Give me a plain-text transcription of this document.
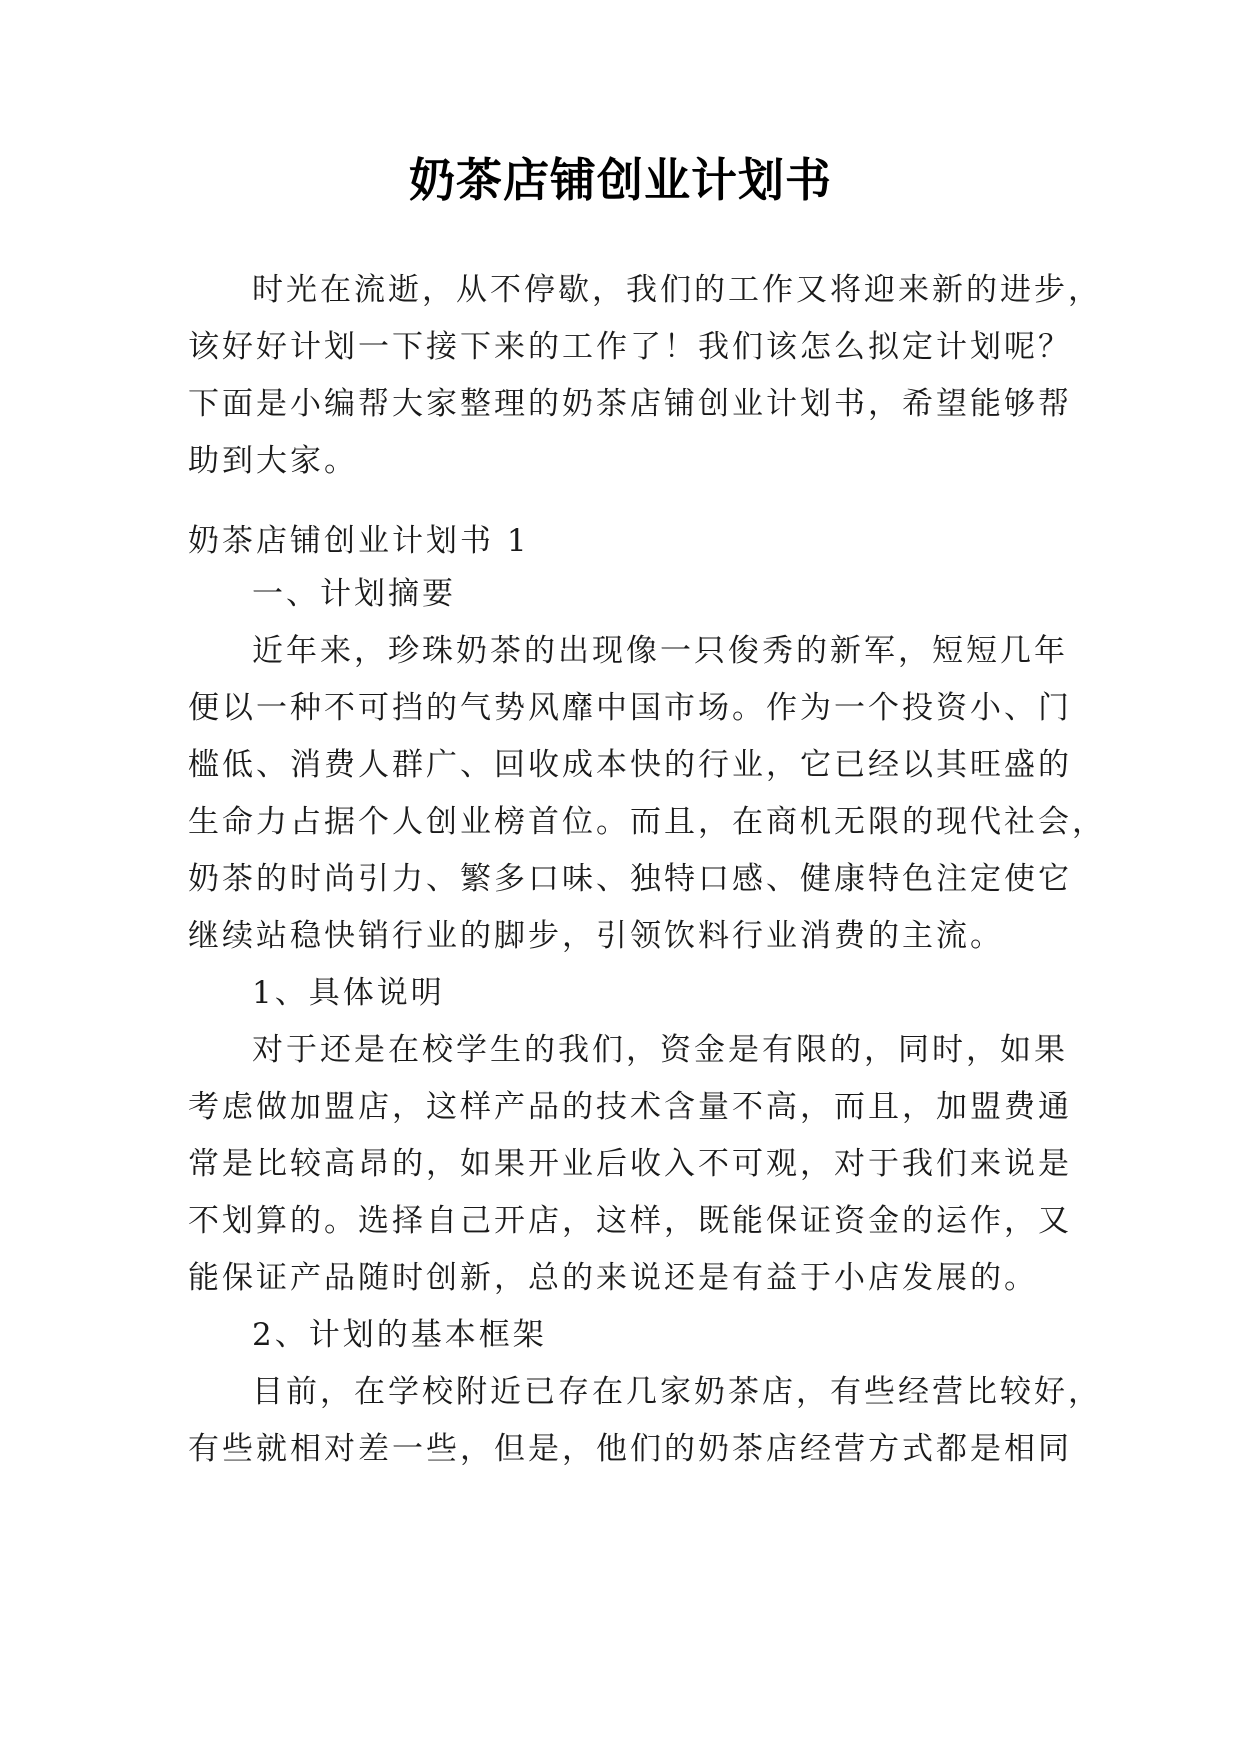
奶茶店铺创业计划书
时光在流逝，从不停歇，我们的工作又将迎来新的进步，
该好好计划一下接下来的工作了！我们该怎么拟定计划呢？
下面是小编帮大家整理的奶茶店铺创业计划书，希望能够帮
助到大家。
奶茶店铺创业计划书 1
一、计划摘要
近年来，珍珠奶茶的出现像一只俊秀的新军，短短几年
便以一种不可挡的气势风靡中国市场。作为一个投资小、门
槛低、消费人群广、回收成本快的行业，它已经以其旺盛的
生命力占据个人创业榜首位。而且，在商机无限的现代社会，
奶茶的时尚引力、繁多口味、独特口感、健康特色注定使它
继续站稳快销行业的脚步，引领饮料行业消费的主流。
1、具体说明
对于还是在校学生的我们，资金是有限的，同时，如果
考虑做加盟店，这样产品的技术含量不高，而且，加盟费通
常是比较高昂的，如果开业后收入不可观，对于我们来说是
不划算的。选择自己开店，这样，既能保证资金的运作，又
能保证产品随时创新，总的来说还是有益于小店发展的。
2、计划的基本框架
目前，在学校附近已存在几家奶茶店，有些经营比较好，
有些就相对差一些，但是，他们的奶茶店经营方式都是相同
